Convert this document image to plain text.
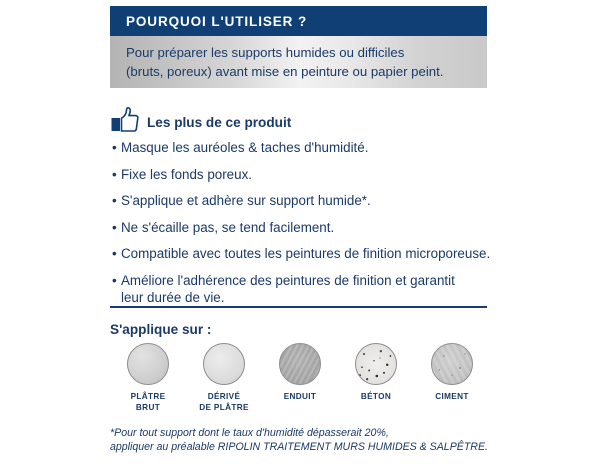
POURQUOI L'UTILISER ?
Pour préparer les supports humides ou difficiles
(bruts, poreux) avant mise en peinture ou papier peint.
Les plus de ce produit
• Masque les auréoles & taches d'humidité.
• Fixe les fonds poreux.
• S'applique et adhère sur support humide*.
• Ne s'écaille pas, se tend facilement.
• Compatible avec toutes les peintures de finition microporeuse.
• Améliore l'adhérence des peintures de finition et garantit
leur durée de vie.
S'applique sur :
PLÂTRE
BRUT
DÉRIVÉ
DE PLÂTRE
ENDUIT	BÉTON	CIMENT
*Pour tout support dont le taux d'humidité dépasserait 20%,
appliquer au préalable RIPOLIN TRAITEMENT MURS HUMIDES & SALPÊTRE.
